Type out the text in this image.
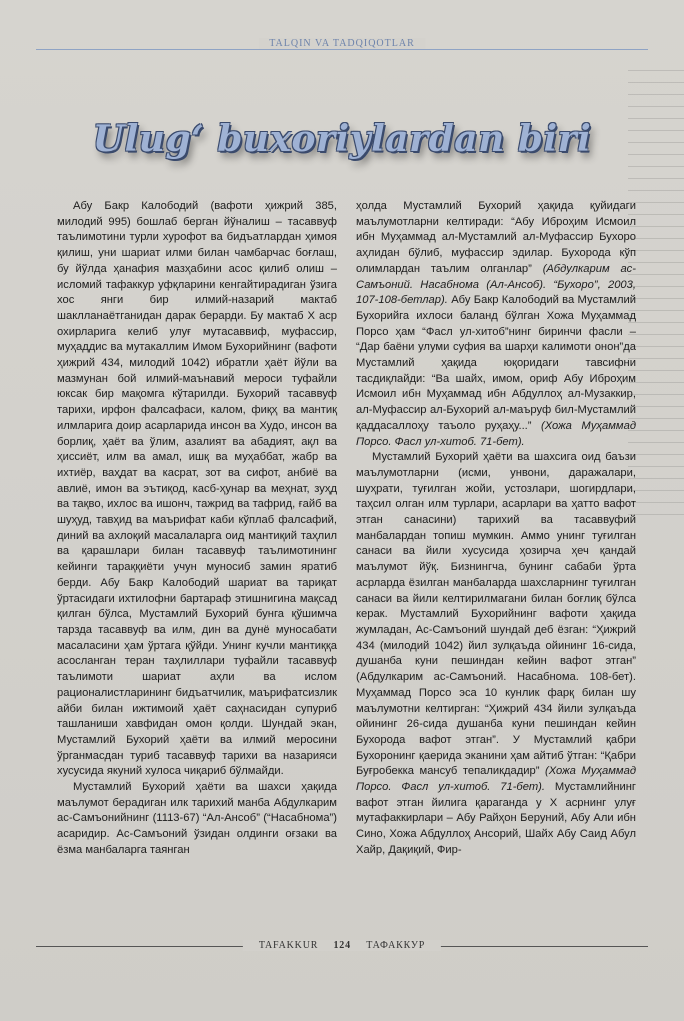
TALQIN VA TADQIQOTLAR
Ulug‘ buxoriylardan biri

Абу Бакр Калободий (вафоти ҳижрий 385, милодий 995) бошлаб берган йўналиш – тасаввуф таълимотини турли хурофот ва бидъатлардан ҳимоя қилиш, уни шариат илми билан чамбарчас боғлаш, бу йўлда ҳанафия мазҳабини асос қилиб олиш – исломий тафаккур уфқларини кенгайтирадиган ўзига хос янги бир илмий-назарий мактаб шаклланаётганидан дарак берарди. Бу мактаб X аср охирларига келиб улуғ мутасаввиф, муфассир, муҳаддис ва мутакаллим Имом Бухорийнинг (вафоти ҳижрий 434, милодий 1042) ибратли ҳаёт йўли ва мазмунан бой илмий-маънавий мероси туфайли юксак бир мақомга кўтарилди. Бухорий тасаввуф тарихи, ирфон фалсафаси, калом, фиқҳ ва мантиқ илмларига доир асарларида инсон ва Худо, инсон ва борлиқ, ҳаёт ва ўлим, азалият ва абадият, ақл ва ҳиссиёт, илм ва амал, ишқ ва муҳаббат, жабр ва ихтиёр, ваҳдат ва касрат, зот ва сифот, анбиё ва авлиё, имон ва эътиқод, касб-ҳунар ва меҳнат, зуҳд ва тақво, ихлос ва ишонч, тажрид ва тафрид, ғайб ва шуҳуд, тавҳид ва маърифат каби кўплаб фалсафий, диний ва ахлоқий масалаларга оид мантиқий таҳлил ва қарашлари билан тасаввуф таълимотининг кейинги тараққиёти учун муносиб замин яратиб берди. Абу Бакр Калободий шариат ва тариқат ўртасидаги ихтилофни бартараф этишнигина мақсад қилган бўлса, Мустамлий Бухорий бунга қўшимча тарзда тасаввуф ва илм, дин ва дунё муносабати масаласини ҳам ўртага қўйди. Унинг кучли мантиққа асосланган теран таҳлиллари туфайли тасаввуф таълимоти шариат аҳли ва ислом рационалистларининг бидъатчилик, маърифатсизлик айби билан ижтимоий ҳаёт саҳнасидан супуриб ташланиши хавфидан омон қолди. Шундай экан, Мустамлий Бухорий ҳаёти ва илмий меросини ўрганмасдан туриб тасаввуф тарихи ва назарияси хусусида якуний хулоса чиқариб бўлмайди.

Мустамлий Бухорий ҳаёти ва шахси ҳақида маълумот берадиган илк тарихий манба Абдулкарим ас-Самъонийнинг (1113-67) “Ал-Ансоб” (“Насабнома”) асаридир. Ас-Самъоний ўзидан олдинги оғзаки ва ёзма манбаларга таянган

ҳолда Мустамлий Бухорий ҳақида қуйидаги маълумотларни келтиради: “Абу Иброҳим Исмоил ибн Муҳаммад ал-Мустамлий ал-Муфассир Бухоро аҳлидан бўлиб, муфассир эдилар. Бухорода кўп олимлардан таълим олганлар” (Абдулкарим ас-Самъоний. Насабнома (Ал-Ансоб). “Бухоро”, 2003, 107-108-бетлар). Абу Бакр Калободий ва Мустамлий Бухорийга ихлоси баланд бўлган Хожа Муҳаммад Порсо ҳам “Фасл ул-хитоб”нинг биринчи фасли – “Дар баёни улуми суфия ва шарҳи калимоти онон”да Мустамлий ҳақида юқоридаги тавсифни тасдиқлайди: “Ва шайх, имом, ориф Абу Иброҳим Исмоил ибн Муҳаммад ибн Абдуллоҳ ал-Музаккир, ал-Муфассир ал-Бухорий ал-маъруф бил-Мустамлий қаддасаллоҳу таъоло руҳаҳу...” (Хожа Муҳаммад Порсо. Фасл ул-хитоб. 71-бет).

Мустамлий Бухорий ҳаёти ва шахсига оид баъзи маълумотларни (исми, унвони, даражалари, шуҳрати, туғилган жойи, устозлари, шогирдлари, таҳсил олган илм турлари, асарлари ва ҳатто вафот этган санасини) тарихий ва тасаввуфий манбалардан топиш мумкин. Аммо унинг туғилган санаси ва йили хусусида ҳозирча ҳеч қандай маълумот йўқ. Бизнингча, бунинг сабаби ўрта асрларда ёзилган манбаларда шахсларнинг туғилган санаси ва йили келтирилмагани билан боғлиқ бўлса керак. Мустамлий Бухорийнинг вафоти ҳақида жумладан, Ас-Самъоний шундай деб ёзган: “Ҳижрий 434 (милодий 1042) йил зулқаъда ойининг 16-сида, душанба куни пешиндан кейин вафот этган” (Абдулкарим ас-Самъоний. Насабнома. 108-бет). Муҳаммад Порсо эса 10 кунлик фарқ билан шу маълумотни келтирган: “Ҳижрий 434 йили зулқаъда ойининг 26-сида душанба куни пешиндан кейин Бухорода вафот этган”. У Мустамлий қабри Бухоронинг қаерида эканини ҳам айтиб ўтган: “Қабри Буғробекка мансуб тепаликдадир” (Хожа Муҳаммад Порсо. Фасл ул-хитоб. 71-бет). Мустамлийнинг вафот этган йилига қараганда у X асрнинг улуғ мутафаккирлари – Абу Райҳон Беруний, Абу Али ибн Сино, Хожа Абдуллоҳ Ансорий, Шайх Абу Саид Абул Хайр, Дақиқий, Фир-

TAFAKKUR 124 ТАФАККУР
